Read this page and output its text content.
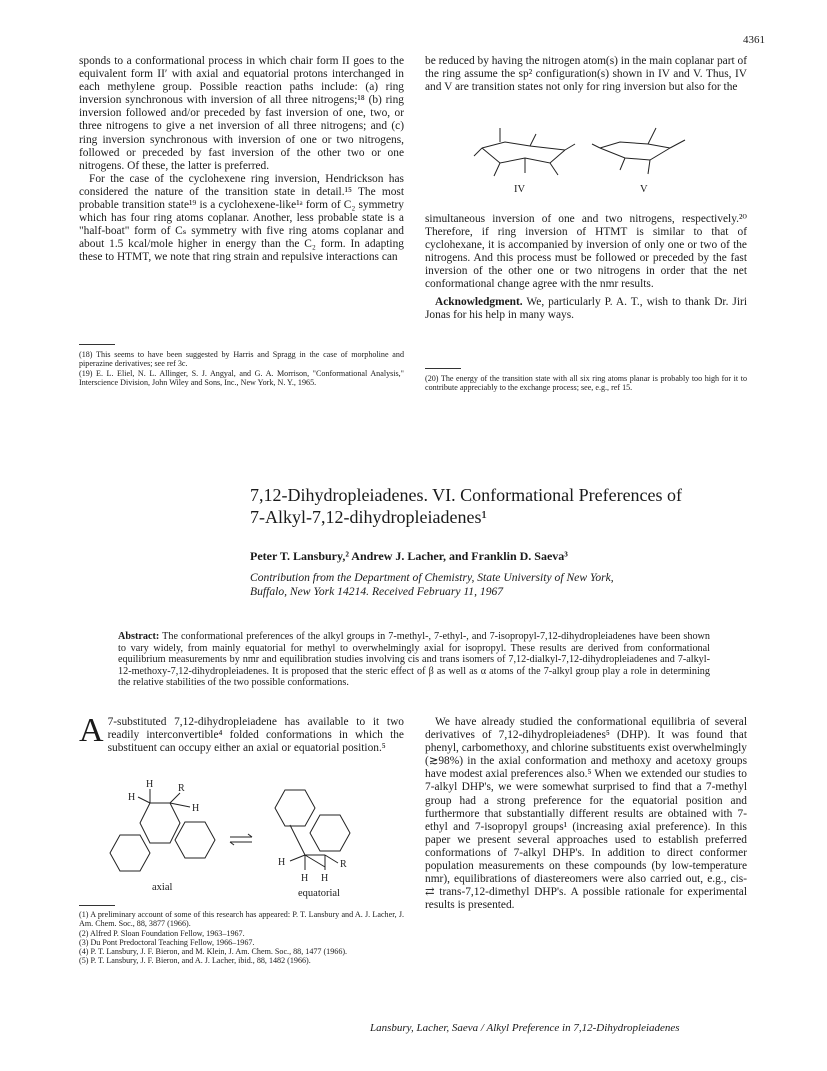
4361

sponds to a conformational process in which chair form II goes to the equivalent form II′ with axial and equatorial protons interchanged in each methylene group. Possible reaction paths include: (a) ring inversion synchronous with inversion of all three nitrogens;¹⁸ (b) ring inversion followed and/or preceded by fast inversion of one, two, or three nitrogens to give a net inversion of all three nitrogens; and (c) ring inversion synchronous with inversion of one or two nitrogens, followed or preceded by fast inversion of the other two or one nitrogens. Of these, the latter is preferred.

For the case of the cyclohexene ring inversion, Hendrickson has considered the nature of the transition state in detail.¹⁵ The most probable transition state¹⁹ is a cyclohexene-like¹ᵃ form of C₂ symmetry which has four ring atoms coplanar. Another, less probable state is a "half-boat" form of Cₛ symmetry with five ring atoms coplanar and about 1.5 kcal/mole higher in energy than the C₂ form. In adapting these to HTMT, we note that ring strain and repulsive interactions can

(18) This seems to have been suggested by Harris and Spragg in the case of morpholine and piperazine derivatives; see ref 3c.

(19) E. L. Eliel, N. L. Allinger, S. J. Angyal, and G. A. Morrison, "Conformational Analysis," Interscience Division, John Wiley and Sons, Inc., New York, N. Y., 1965.

be reduced by having the nitrogen atom(s) in the main coplanar part of the ring assume the sp² configuration(s) shown in IV and V. Thus, IV and V are transition states not only for ring inversion but also for the
IV	V

simultaneous inversion of one and two nitrogens, respectively.²⁰ Therefore, if ring inversion of HTMT is similar to that of cyclohexane, it is accompanied by inversion of only one or two of the nitrogens. And this process must be followed or preceded by the fast inversion of the other one or two nitrogens in order that the net conformational change agree with the nmr results.

Acknowledgment. We, particularly P. A. T., wish to thank Dr. Jiri Jonas for his help in many ways.

(20) The energy of the transition state with all six ring atoms planar is probably too high for it to contribute appreciably to the exchange process; see, e.g., ref 15.
7,12-Dihydropleiadenes. VI. Conformational Preferences of
7-Alkyl-7,12-dihydropleiadenes¹
Peter T. Lansbury,² Andrew J. Lacher, and Franklin D. Saeva³
Contribution from the Department of Chemistry, State University of New York,
Buffalo, New York 14214. Received February 11, 1967
Abstract: The conformational preferences of the alkyl groups in 7-methyl-, 7-ethyl-, and 7-isopropyl-7,12-dihydropleiadenes have been shown to vary widely, from mainly equatorial for methyl to overwhelmingly axial for isopropyl. These results are derived from conformational equilibrium measurements by nmr and equilibration studies involving cis and trans isomers of 7,12-dialkyl-7,12-dihydropleiadenes and 7-alkyl-12-methoxy-7,12-dihydropleiadenes. It is proposed that the steric effect of β as well as α atoms of the 7-alkyl group play a role in determining the relative stabilities of the two possible conformations.
A 7-substituted 7,12-dihydropleiadene has available to it two readily interconvertible⁴ folded conformations in which the substituent can occupy either an axial or equatorial position.⁵
H
H
R
H
H	R
H H
axial
equatorial

(1) A preliminary account of some of this research has appeared: P. T. Lansbury and A. J. Lacher, J. Am. Chem. Soc., 88, 3877 (1966).

(2) Alfred P. Sloan Foundation Fellow, 1963–1967.

(3) Du Pont Predoctoral Teaching Fellow, 1966–1967.

(4) P. T. Lansbury, J. F. Bieron, and M. Klein, J. Am. Chem. Soc., 88, 1477 (1966).

(5) P. T. Lansbury, J. F. Bieron, and A. J. Lacher, ibid., 88, 1482 (1966).

We have already studied the conformational equilibria of several derivatives of 7,12-dihydropleiadenes⁵ (DHP). It was found that phenyl, carbomethoxy, and chlorine substituents exist overwhelmingly (≳98%) in the axial conformation and methoxy and acetoxy groups have modest axial preferences also.⁵ When we extended our studies to 7-alkyl DHP's, we were somewhat surprised to find that a 7-methyl group had a strong preference for the equatorial position and furthermore that substantially different results are obtained with 7-ethyl and 7-isopropyl groups¹ (increasing axial preference). In this paper we present several approaches used to establish preferred conformations of 7-alkyl DHP's. In addition to direct conformer population measurements on these compounds (by low-temperature nmr), equilibrations of diastereomers were also carried out, e.g., cis- ⇄ trans-7,12-dimethyl DHP's. A possible rationale for experimental results is presented.
Lansbury, Lacher, Saeva / Alkyl Preference in 7,12-Dihydropleiadenes
